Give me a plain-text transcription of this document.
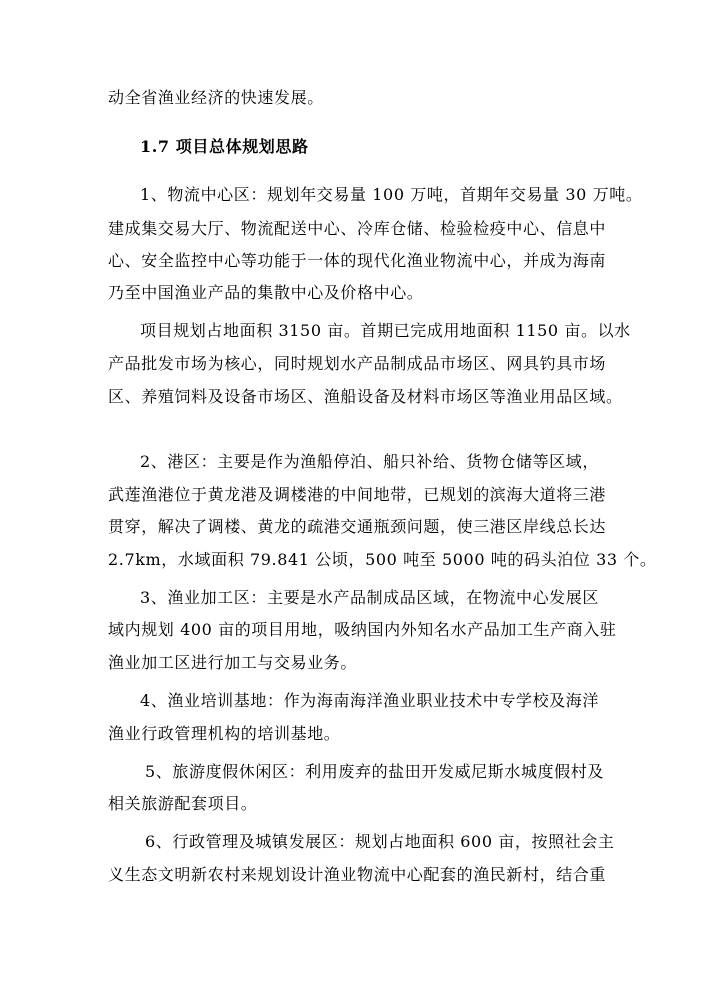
动全省渔业经济的快速发展。
1.7 项目总体规划思路
1、物流中心区：规划年交易量 100 万吨，首期年交易量 30 万吨。
建成集交易大厅、物流配送中心、冷库仓储、检验检疫中心、信息中
心、安全监控中心等功能于一体的现代化渔业物流中心，并成为海南
乃至中国渔业产品的集散中心及价格中心。
项目规划占地面积 3150 亩。首期已完成用地面积 1150 亩。以水
产品批发市场为核心，同时规划水产品制成品市场区、网具钓具市场
区、养殖饲料及设备市场区、渔船设备及材料市场区等渔业用品区域。
2、港区：主要是作为渔船停泊、船只补给、货物仓储等区域，
武莲渔港位于黄龙港及调楼港的中间地带，已规划的滨海大道将三港
贯穿，解决了调楼、黄龙的疏港交通瓶颈问题，使三港区岸线总长达
2.7km，水域面积 79.841 公顷，500 吨至 5000 吨的码头泊位 33 个。
3、渔业加工区：主要是水产品制成品区域，在物流中心发展区
域内规划 400 亩的项目用地，吸纳国内外知名水产品加工生产商入驻
渔业加工区进行加工与交易业务。
4、渔业培训基地：作为海南海洋渔业职业技术中专学校及海洋
渔业行政管理机构的培训基地。
5、旅游度假休闲区：利用废弃的盐田开发威尼斯水城度假村及
相关旅游配套项目。
6、行政管理及城镇发展区：规划占地面积 600 亩，按照社会主
义生态文明新农村来规划设计渔业物流中心配套的渔民新村，结合重
